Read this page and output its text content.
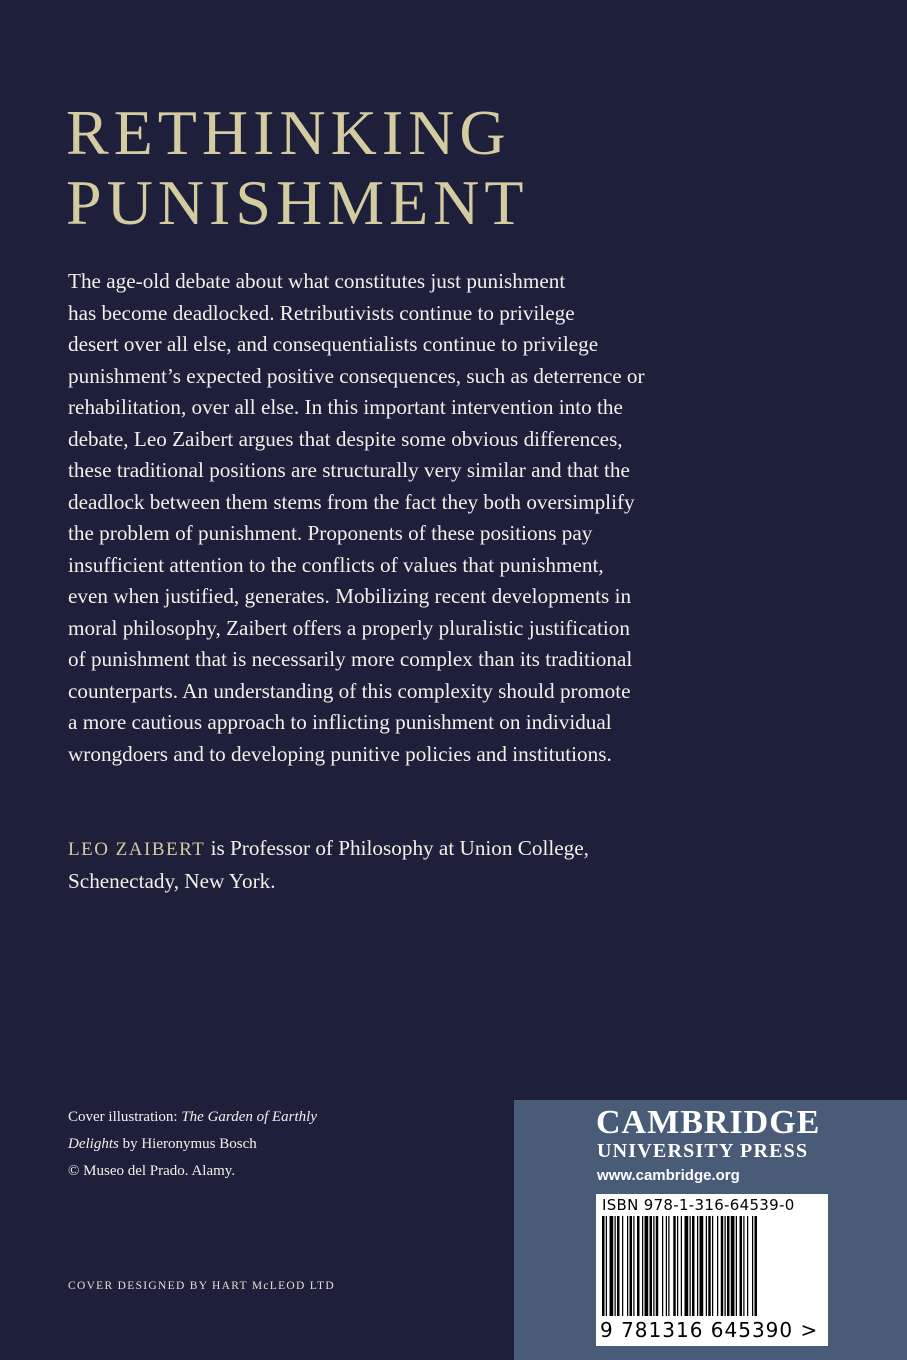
RETHINKING
PUNISHMENT
The age-old debate about what constitutes just punishment
has become deadlocked. Retributivists continue to privilege
desert over all else, and consequentialists continue to privilege
punishment’s expected positive consequences, such as deterrence or
rehabilitation, over all else. In this important intervention into the
debate, Leo Zaibert argues that despite some obvious differences,
these traditional positions are structurally very similar and that the
deadlock between them stems from the fact they both oversimplify
the problem of punishment. Proponents of these positions pay
insufficient attention to the conflicts of values that punishment,
even when justified, generates. Mobilizing recent developments in
moral philosophy, Zaibert offers a properly pluralistic justification
of punishment that is necessarily more complex than its traditional
counterparts. An understanding of this complexity should promote
a more cautious approach to inflicting punishment on individual
wrongdoers and to developing punitive policies and institutions.
LEO ZAIBERT is Professor of Philosophy at Union College,
Schenectady, New York.
Cover illustration: The Garden of Earthly
Delights by Hieronymus Bosch
© Museo del Prado. Alamy.
COVER DESIGNED BY HART McLEOD LTD
CAMBRIDGE
UNIVERSITY PRESS
www.cambridge.org
ISBN 978-1-316-64539-0
9 781316 645390 >
